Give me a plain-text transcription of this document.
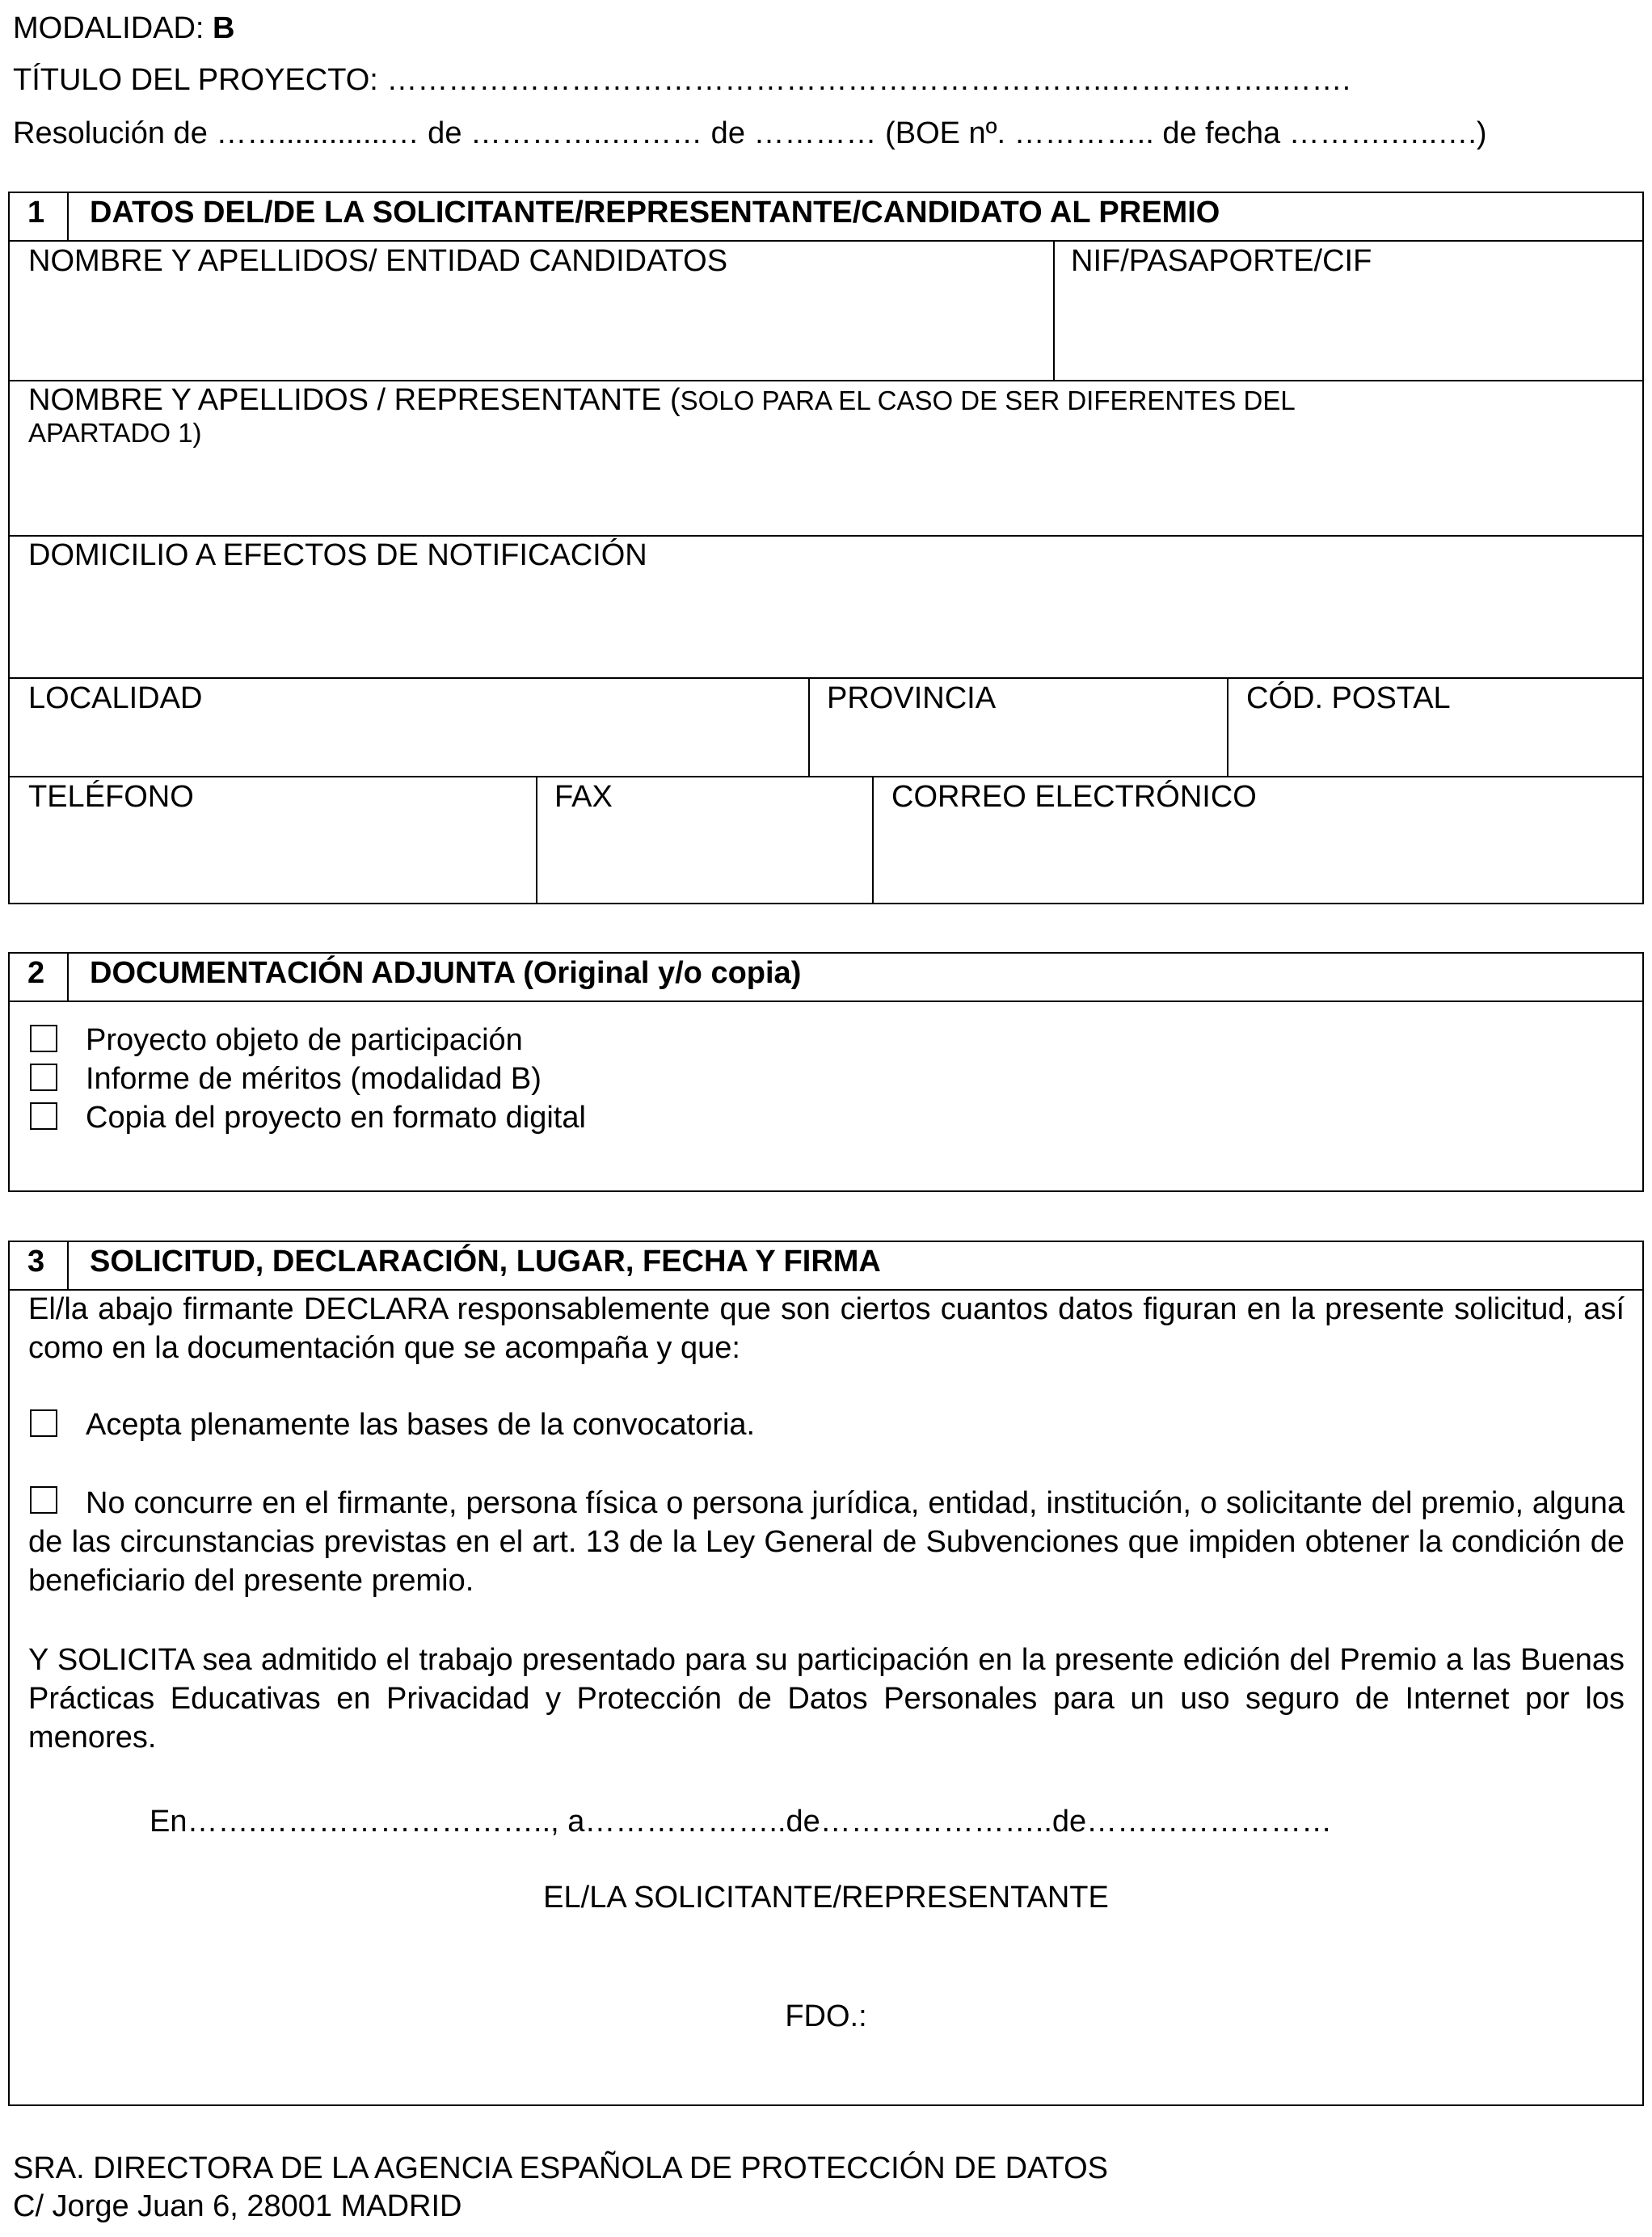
MODALIDAD: B
TÍTULO DEL PROYECTO: ……………………………………………………………..……………..…….
Resolución de …….............… de …………..……… de ………… (BOE nº. ………….. de fecha ……….…..….)
1 DATOS DEL/DE LA SOLICITANTE/REPRESENTANTE/CANDIDATO AL PREMIO
NOMBRE Y APELLIDOS/ ENTIDAD CANDIDATOS	NIF/PASAPORTE/CIF
NOMBRE Y APELLIDOS / REPRESENTANTE (SOLO PARA EL CASO DE SER DIFERENTES DEL
APARTADO 1)
DOMICILIO A EFECTOS DE NOTIFICACIÓN
LOCALIDAD	PROVINCIA	CÓD. POSTAL
TELÉFONO	FAX	CORREO ELECTRÓNICO
2 DOCUMENTACIÓN ADJUNTA (Original y/o copia)
Proyecto objeto de participación
Informe de méritos (modalidad B)
Copia del proyecto en formato digital
3 SOLICITUD, DECLARACIÓN, LUGAR, FECHA Y FIRMA
El/la abajo firmante DECLARA responsablemente que son ciertos cuantos datos figuran en la presente solicitud, así como en la documentación que se acompaña y que:
Acepta plenamente las bases de la convocatoria.
No concurre en el firmante, persona física o persona jurídica, entidad, institución, o solicitante del premio, alguna de las circunstancias previstas en el art. 13 de la Ley General de Subvenciones que impiden obtener la condición de beneficiario del presente premio.
Y SOLICITA sea admitido el trabajo presentado para su participación en la presente edición del Premio a las Buenas Prácticas Educativas en Privacidad y Protección de Datos Personales para un uso seguro de Internet por los menores.
En…….……………………….., a………………..de…………………..de……………………
EL/LA SOLICITANTE/REPRESENTANTE
FDO.:
SRA. DIRECTORA DE LA AGENCIA ESPAÑOLA DE PROTECCIÓN DE DATOS
C/ Jorge Juan 6, 28001 MADRID
